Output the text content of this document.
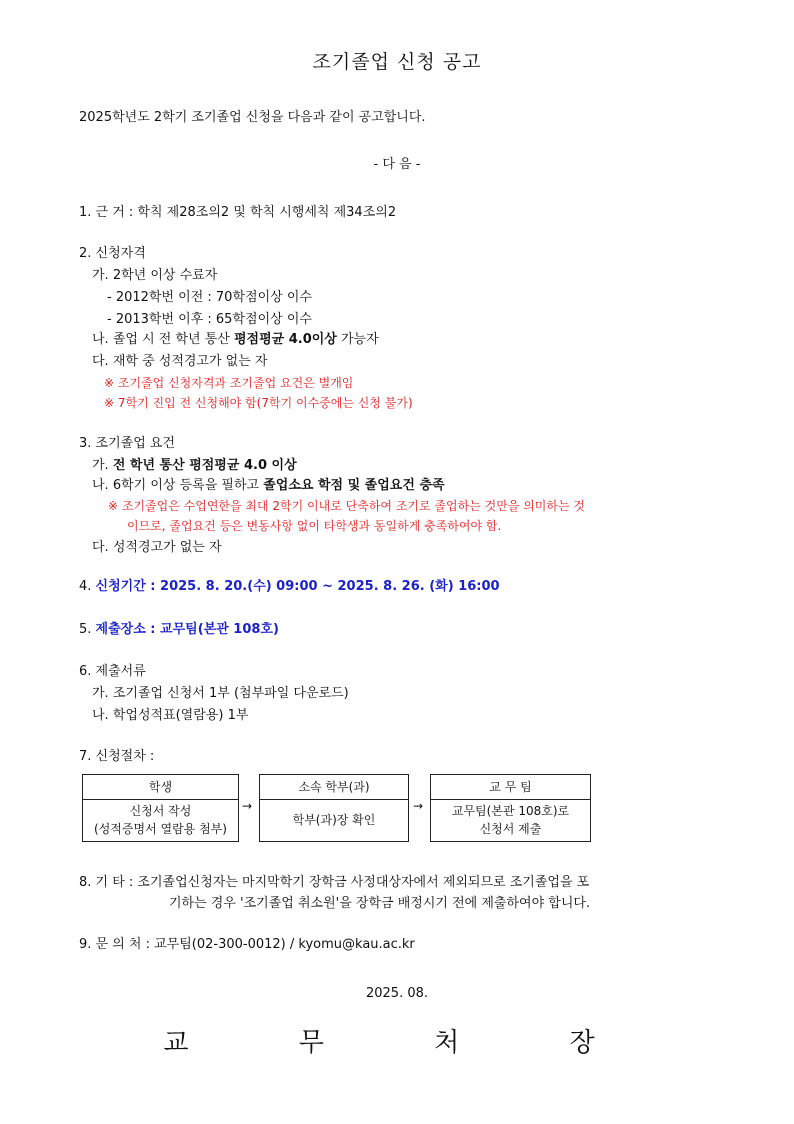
조기졸업 신청 공고
2025학년도 2학기 조기졸업 신청을 다음과 같이 공고합니다.
- 다 음 -
1. 근 거 : 학칙 제28조의2 및 학칙 시행세칙 제34조의2
2. 신청자격
가. 2학년 이상 수료자
- 2012학번 이전 : 70학점이상 이수
- 2013학번 이후 : 65학점이상 이수
나. 졸업 시 전 학년 통산 평점평균 4.0이상 가능자
다. 재학 중 성적경고가 없는 자
※ 조기졸업 신청자격과 조기졸업 요건은 별개임
※ 7학기 진입 전 신청해야 함(7학기 이수중에는 신청 불가)
3. 조기졸업 요건
가. 전 학년 통산 평점평균 4.0 이상
나. 6학기 이상 등록을 필하고 졸업소요 학점 및 졸업요건 충족
※ 조기졸업은 수업연한을 최대 2학기 이내로 단축하여 조기로 졸업하는 것만을 의미하는 것
이므로, 졸업요건 등은 변동사항 없이 타학생과 동일하게 충족하여야 함.
다. 성적경고가 없는 자
4. 신청기간 : 2025. 8. 20.(수) 09:00 ~ 2025. 8. 26. (화) 16:00
5. 제출장소 : 교무팀(본관 108호)
6. 제출서류
가. 조기졸업 신청서 1부 (첨부파일 다운로드)
나. 학업성적표(열람용) 1부
7. 신청절차 :
학생
신청서 작성
(성적증명서 열람용 첨부)
→
소속 학부(과)
학부(과)장 확인
→
교 무 팀
교무팀(본관 108호)로
신청서 제출
8. 기 타 : 조기졸업신청자는 마지막학기 장학금 사정대상자에서 제외되므로 조기졸업을 포
기하는 경우 '조기졸업 취소원'을 장학금 배정시기 전에 제출하여야 합니다.
9. 문 의 처 : 교무팀(02-300-0012) / kyomu@kau.ac.kr
2025. 08.
교 무 처 장
